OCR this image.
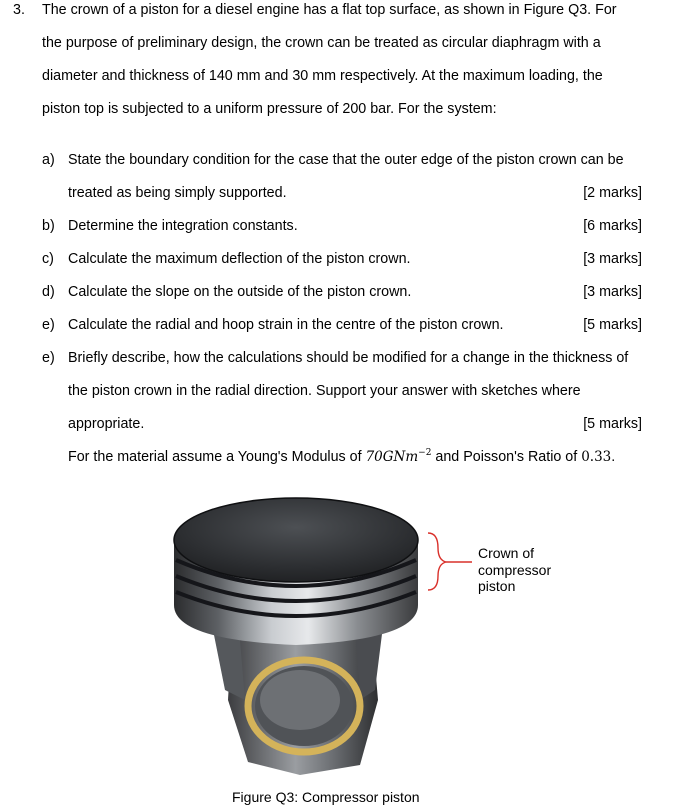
3. The crown of a piston for a diesel engine has a flat top surface, as shown in Figure Q3. For
the purpose of preliminary design, the crown can be treated as circular diaphragm with a
diameter and thickness of 140 mm and 30 mm respectively. At the maximum loading, the
piston top is subjected to a uniform pressure of 200 bar. For the system:
a) State the boundary condition for the case that the outer edge of the piston crown can be
treated as being simply supported.	[2 marks]
b) Determine the integration constants.	[6 marks]
c) Calculate the maximum deflection of the piston crown.	[3 marks]
d) Calculate the slope on the outside of the piston crown.	[3 marks]
e) Calculate the radial and hoop strain in the centre of the piston crown.	[5 marks]
e) Briefly describe, how the calculations should be modified for a change in the thickness of
the piston crown in the radial direction. Support your answer with sketches where
appropriate.	[5 marks]
For the material assume a Young's Modulus of 70GNm$^{-2}$ and Poisson's Ratio of 0.33.
Crown of
compressor
piston
Figure Q3: Compressor piston
